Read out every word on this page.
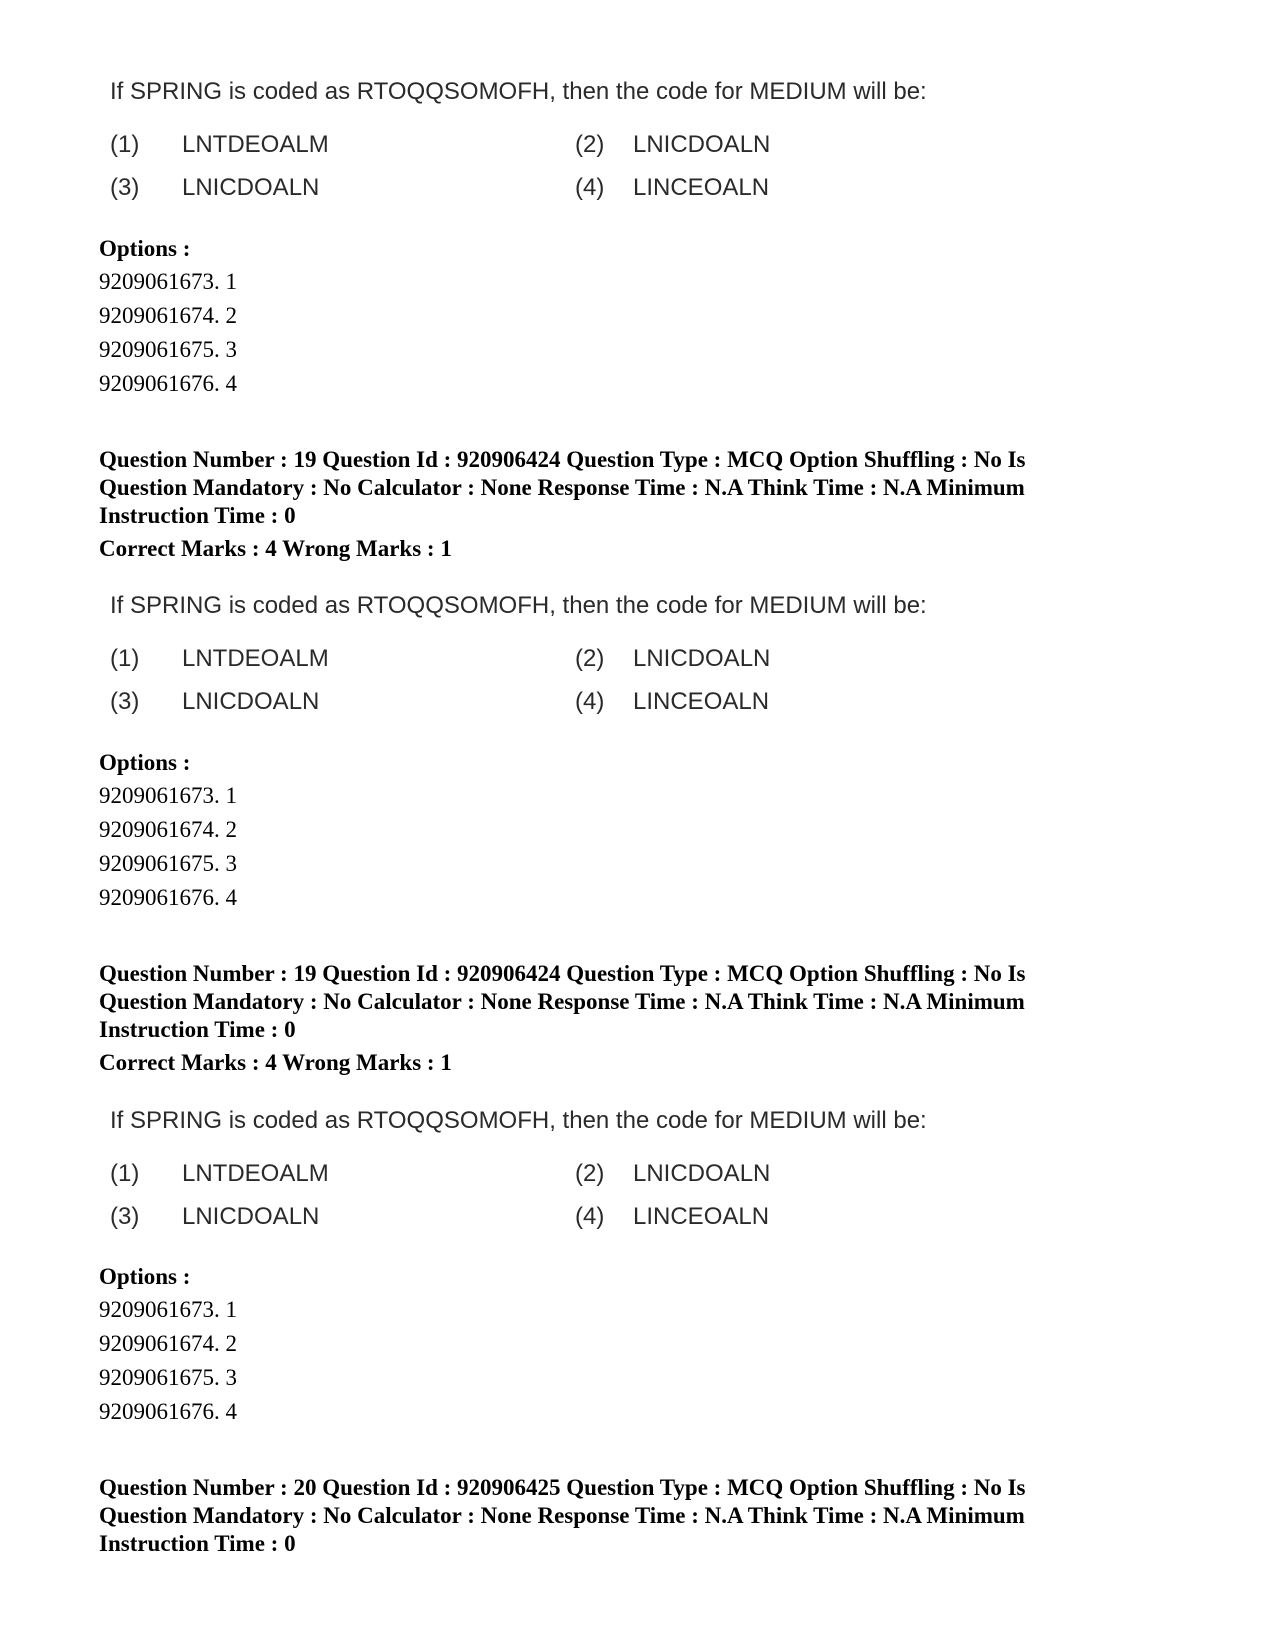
If SPRING is coded as RTOQQSOMOFH, then the code for MEDIUM will be:
(1) LNTDEOALM	(2) LNICDOALN
(3) LNICDOALN	(4) LINCEOALN
Options :
9209061673. 1
9209061674. 2
9209061675. 3
9209061676. 4
Question Number : 19 Question Id : 920906424 Question Type : MCQ Option Shuffling : No Is Question Mandatory : No Calculator : None Response Time : N.A Think Time : N.A Minimum Instruction Time : 0
Correct Marks : 4 Wrong Marks : 1
If SPRING is coded as RTOQQSOMOFH, then the code for MEDIUM will be:
(1) LNTDEOALM	(2) LNICDOALN
(3) LNICDOALN	(4) LINCEOALN
Options :
9209061673. 1
9209061674. 2
9209061675. 3
9209061676. 4
Question Number : 19 Question Id : 920906424 Question Type : MCQ Option Shuffling : No Is Question Mandatory : No Calculator : None Response Time : N.A Think Time : N.A Minimum Instruction Time : 0
Correct Marks : 4 Wrong Marks : 1
If SPRING is coded as RTOQQSOMOFH, then the code for MEDIUM will be:
(1) LNTDEOALM	(2) LNICDOALN
(3) LNICDOALN	(4) LINCEOALN
Options :
9209061673. 1
9209061674. 2
9209061675. 3
9209061676. 4
Question Number : 20 Question Id : 920906425 Question Type : MCQ Option Shuffling : No Is Question Mandatory : No Calculator : None Response Time : N.A Think Time : N.A Minimum Instruction Time : 0
